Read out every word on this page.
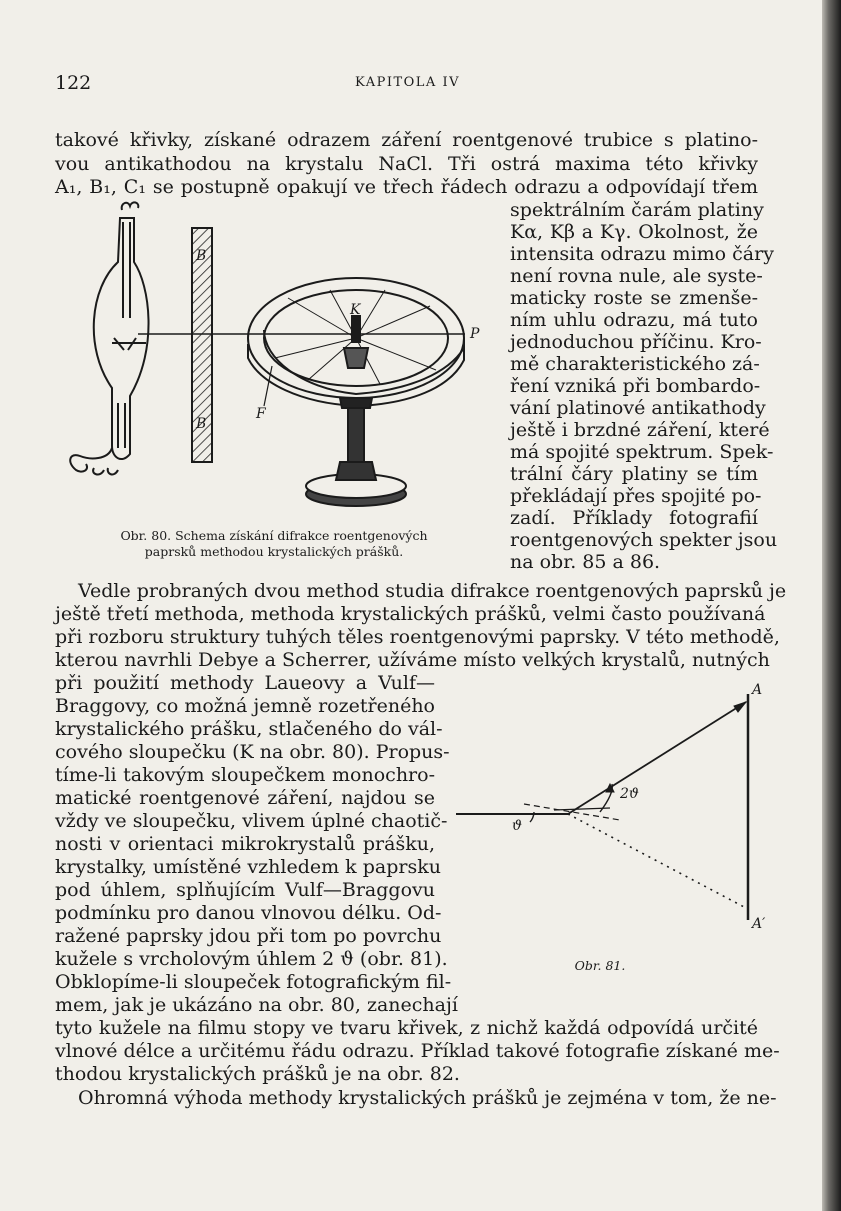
122	KAPITOLA IV
takové křivky, získané odrazem záření roentgenové trubice s platino-
vou antikathodou na krystalu NaCl. Tři ostrá maxima této křivky
A₁, B₁, C₁ se postupně opakují ve třech řádech odrazu a odpovídají třem
spektrálním čarám platiny
Kα, Kβ a Kγ. Okolnost, že
intensita odrazu mimo čáry
není rovna nule, ale syste-
maticky roste se zmenše-
ním uhlu odrazu, má tuto
jednoduchou příčinu. Kro-
mě charakteristického zá-
ření vzniká při bombardo-
vání platinové antikathody
ještě i brzdné záření, které
má spojité spektrum. Spek-
trální čáry platiny se tím
překládají přes spojité po-
zadí. Příklady fotografií
roentgenových spekter jsou
na obr. 85 a 86.
B
B
K
P
F
Obr. 80. Schema získání difrakce roentgenových
paprsků methodou krystalických prášků.
Vedle probraných dvou method studia difrakce roentgenových paprsků je
ještě třetí methoda, methoda krystalických prášků, velmi často používaná
při rozboru struktury tuhých těles roentgenovými paprsky. V této methodě,
kterou navrhli Debye a Scherrer, užíváme místo velkých krystalů, nutných
při použití methody Laueovy a Vulf—
Braggovy, co možná jemně rozetřeného
krystalického prášku, stlačeného do vál-
cového sloupečku (K na obr. 80). Propus-
tíme-li takovým sloupečkem monochro-
matické roentgenové záření, najdou se
vždy ve sloupečku, vlivem úplné chaotič-
nosti v orientaci mikrokrystalů prášku,
krystalky, umístěné vzhledem k paprsku
pod úhlem, splňujícím Vulf—Braggovu
podmínku pro danou vlnovou délku. Od-
ražené paprsky jdou při tom po povrchu
kužele s vrcholovým úhlem 2 ϑ (obr. 81).
Obklopíme-li sloupeček fotografickým fil-
mem, jak je ukázáno na obr. 80, zanechají
A
A′
2ϑ
ϑ
Obr. 81.
tyto kužele na filmu stopy ve tvaru křivek, z nichž každá odpovídá určité
vlnové délce a určitému řádu odrazu. Příklad takové fotografie získané me-
thodou krystalických prášků je na obr. 82.
Ohromná výhoda methody krystalických prášků je zejména v tom, že ne-
